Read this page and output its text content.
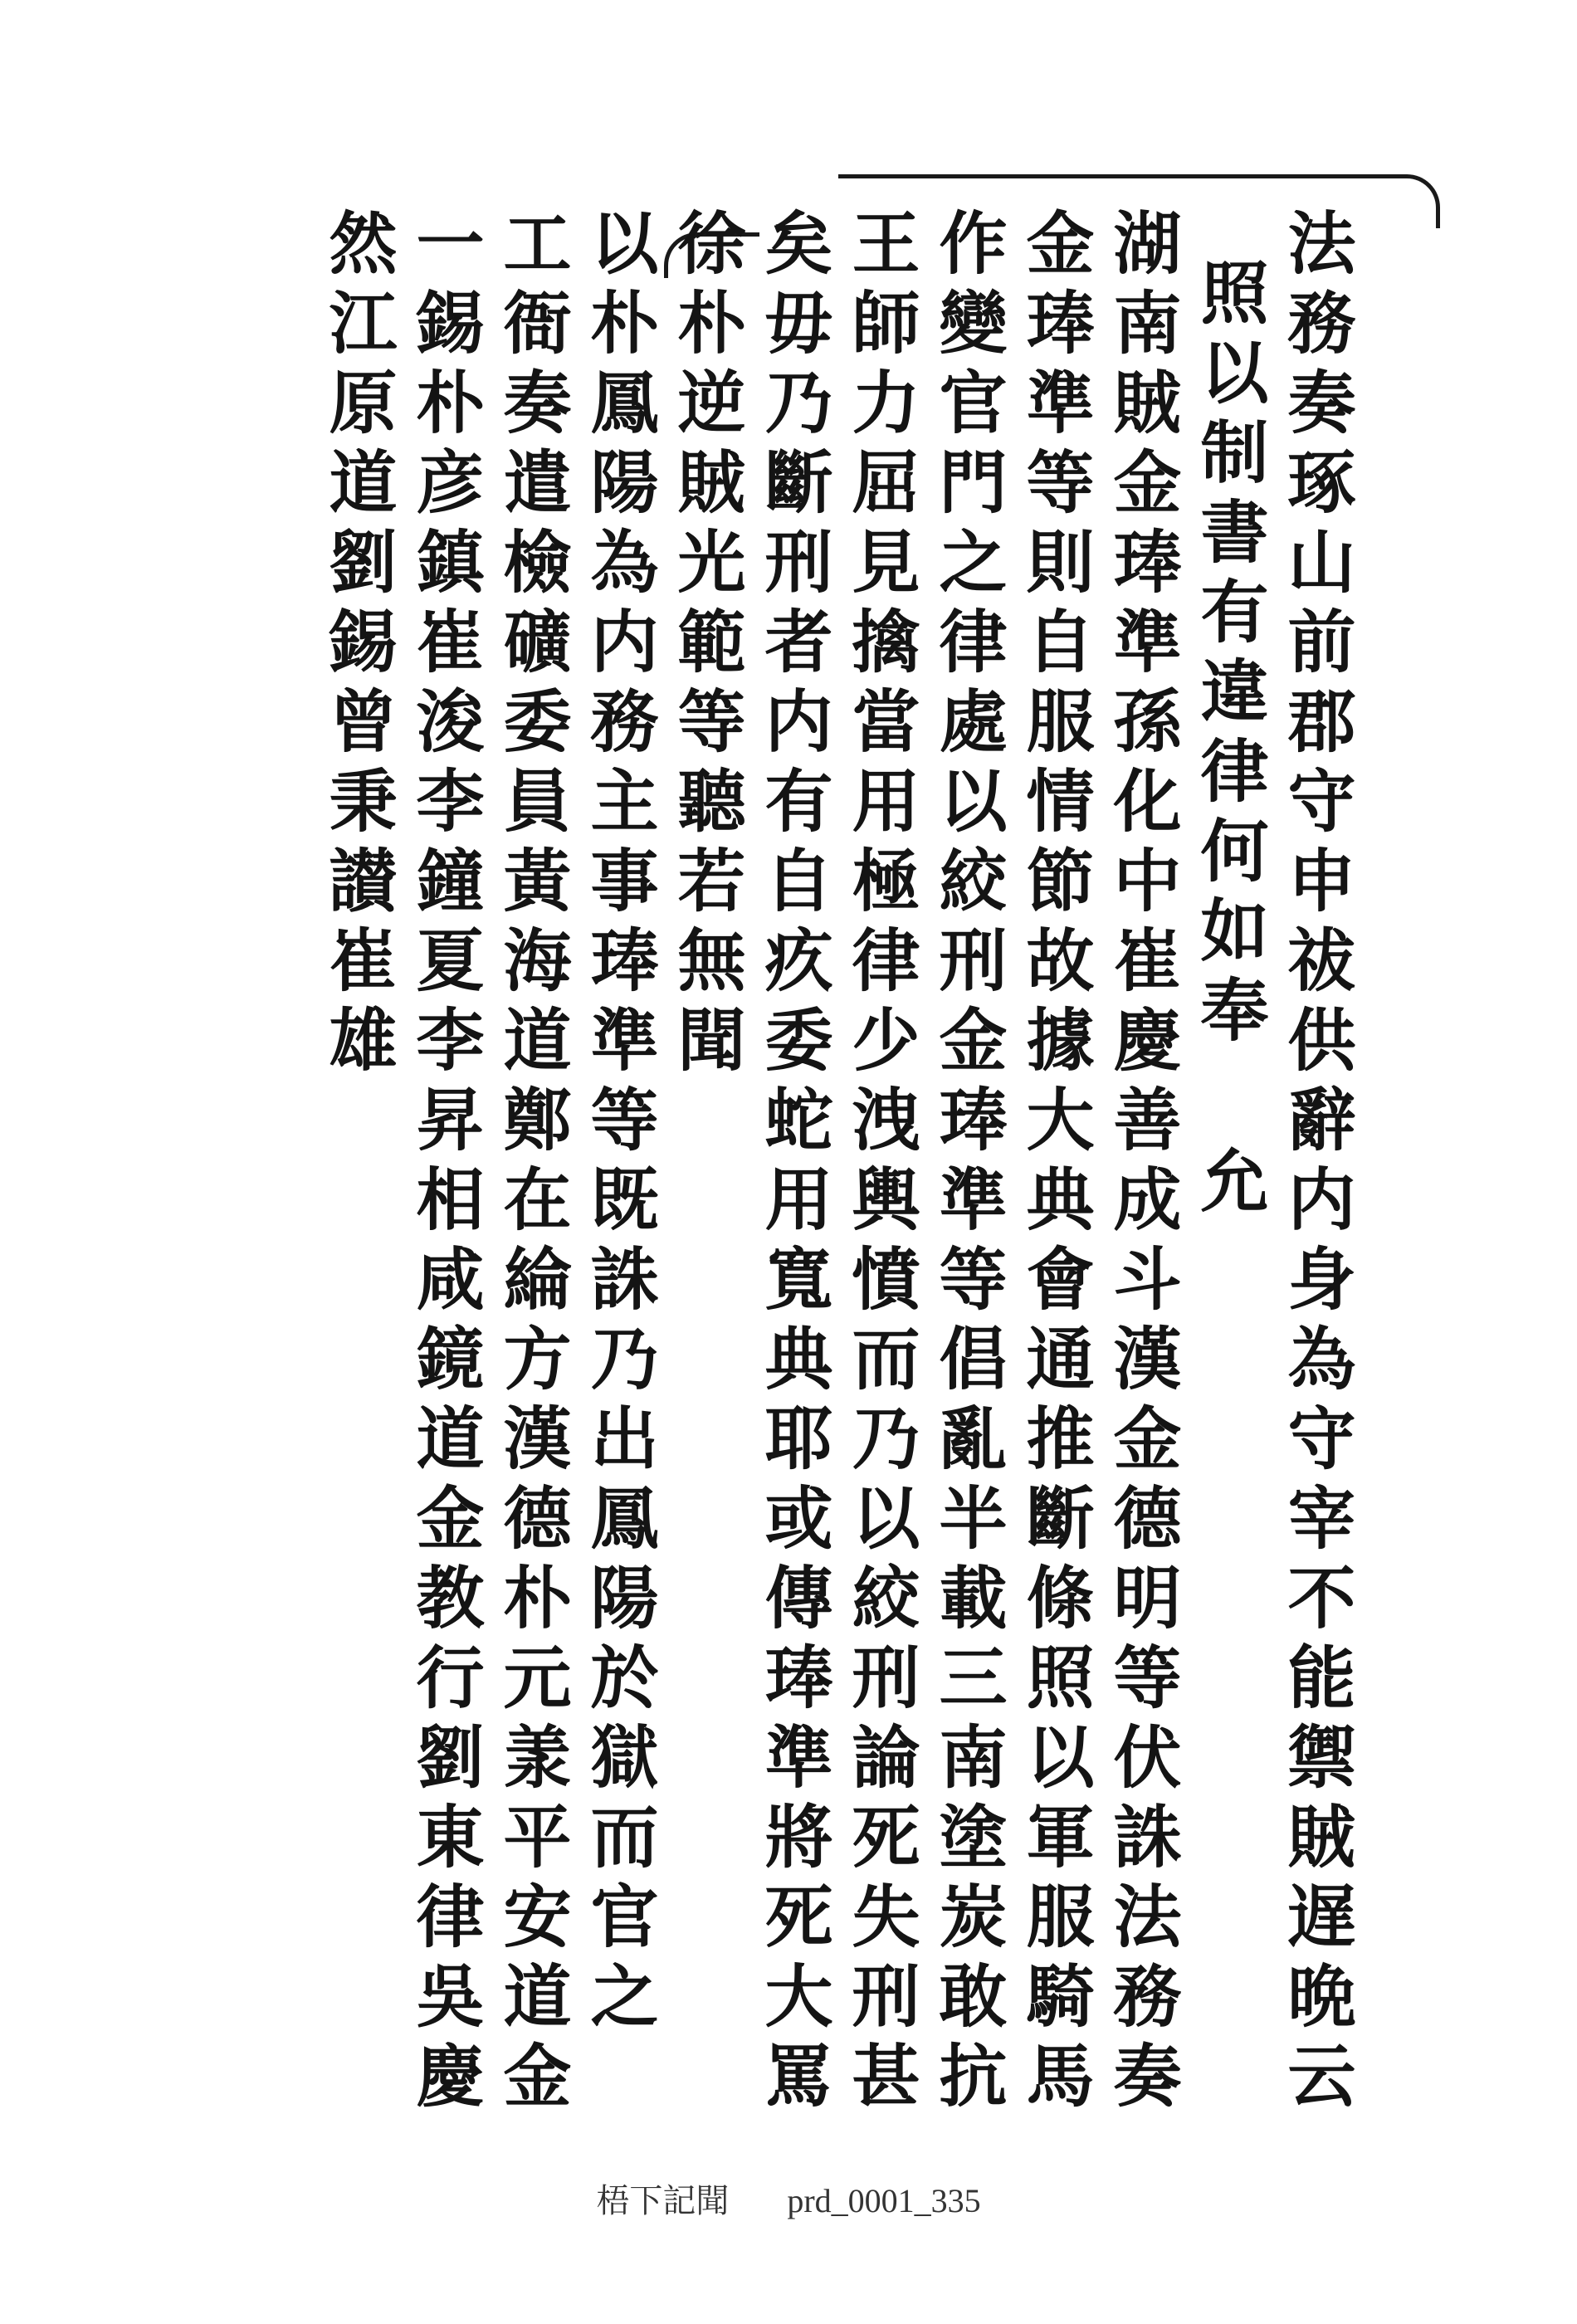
法務奏琢山前郡守申祓供辭内身為守宰不能禦賊遅晩云
照以制書有違律何如奉 允
湖南賊金琫準孫化中崔慶善成斗漢金德明等伏誅法務奏
金琫準等則自服情節故據大典會通推斷條照以軍服騎馬
作變官門之律處以絞刑金琫準等倡亂半載三南塗炭敢抗
王師力屈見擒當用極律少洩輿憤而乃以絞刑論死失刑甚
矣毋乃斷刑者内有自疚委蛇用寬典耶或傳琫準將死大罵
徐朴逆賊光範等聽若無聞
以朴鳳陽為内務主事琫準等既誅乃出鳳陽於獄而官之
工衙奏遣檢礦委員黃海道鄭在綸方漢德朴元羕平安道金
一錫朴彦鎮崔浚李鐘夏李昇相咸鏡道金教行劉東律吳慶
然江原道劉錫曾秉讃崔雄
梧下記聞 prd_0001_335
